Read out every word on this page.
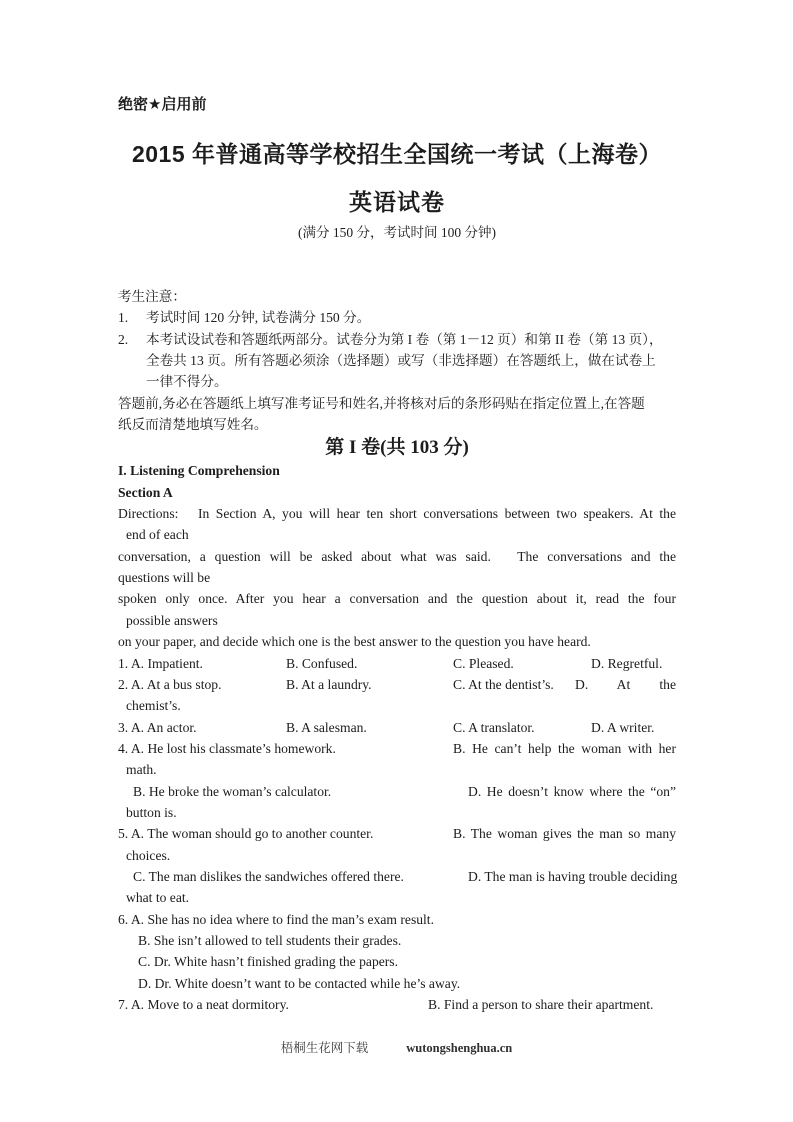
绝密★启用前
2015 年普通高等学校招生全国统一考试（上海卷）
英语试卷
(满分 150 分，考试时间 100 分钟)
考生注意：
1.	考试时间 120 分钟, 试卷满分 150 分。
2.	本考试设试卷和答题纸两部分。试卷分为第 I 卷（第 1－12 页）和第 II 卷（第 13 页），
全卷共 13 页。所有答题必须涂（选择题）或写（非选择题）在答题纸上，做在试卷上
一律不得分。
答题前,务必在答题纸上填写准考证号和姓名,并将核对后的条形码贴在指定位置上,在答题
纸反而清楚地填写姓名。
第 I 卷(共 103 分)
I. Listening Comprehension
Section A
Directions:   In Section A, you will hear ten short conversations between two speakers. At the
end of each
conversation, a question will be asked about what was said.   The conversations and the
questions will be
spoken only once. After you hear a conversation and the question about it, read the four
possible answers
on your paper, and decide which one is the best answer to the question you have heard.
1. A. Impatient.	B. Confused.	C. Pleased.	D. Regretful.
2. A. At a bus stop.	B. At a laundry.	C. At the dentist’s.	D. At the
chemist’s.
3. A. An actor.	B. A salesman.	C. A translator.	D. A writer.
4. A. He lost his classmate’s homework.	B. He can’t help the woman with her
math.
B. He broke the woman’s calculator.	D. He doesn’t know where the “on”
button is.
5. A. The woman should go to another counter.	B. The woman gives the man so many
choices.
C. The man dislikes the sandwiches offered there.	D. The man is having trouble deciding
what to eat.
6. A. She has no idea where to find the man’s exam result.
B. She isn’t allowed to tell students their grades.
C. Dr. White hasn’t finished grading the papers.
D. Dr. White doesn’t want to be contacted while he’s away.
7. A. Move to a neat dormitory.	B. Find a person to share their apartment.
梧桐生花网下载	wutongshenghua.cn
